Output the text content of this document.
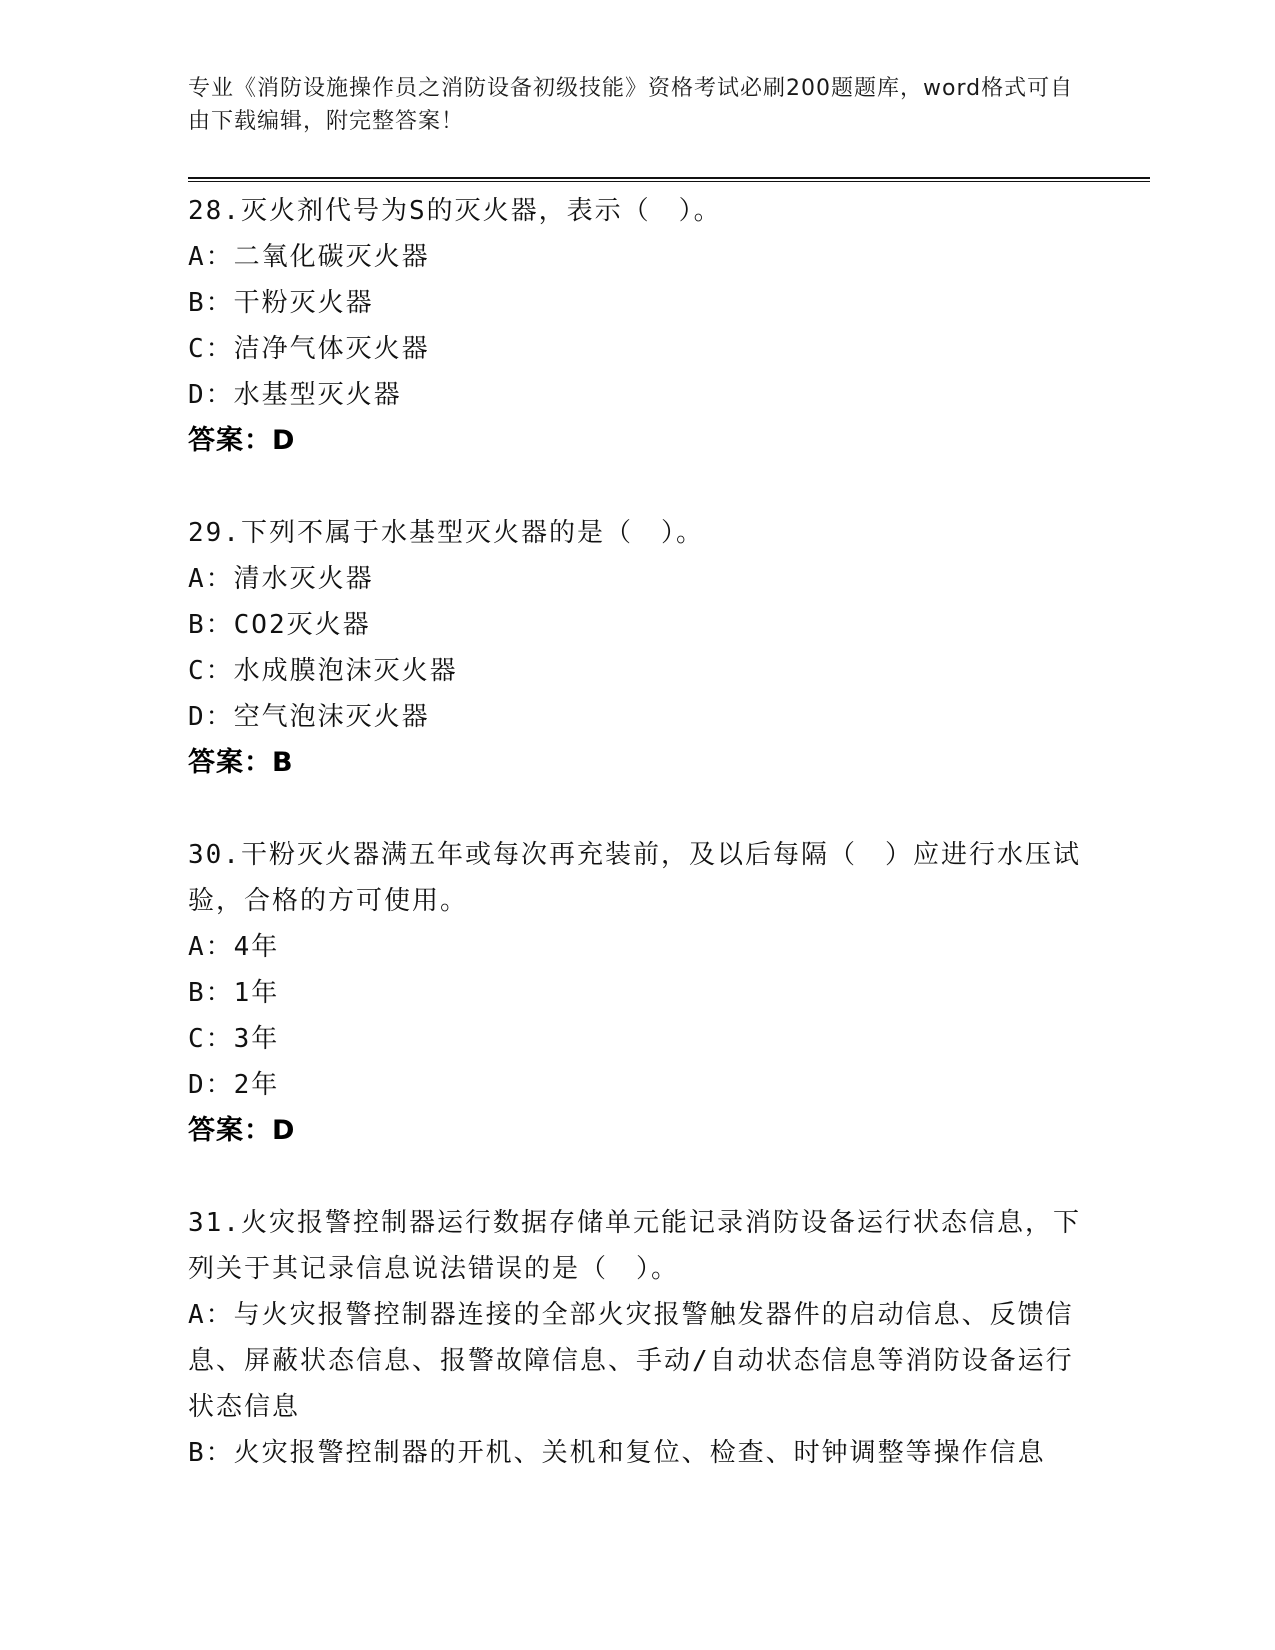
专业《消防设施操作员之消防设备初级技能》资格考试必刷200题题库，word格式可自由下载编辑，附完整答案！
28.灭火剂代号为S的灭火器，表示（　）。
A：二氧化碳灭火器
B：干粉灭火器
C：洁净气体灭火器
D：水基型灭火器
答案：D
29.下列不属于水基型灭火器的是（　）。
A：清水灭火器
B：CO2灭火器
C：水成膜泡沫灭火器
D：空气泡沫灭火器
答案：B
30.干粉灭火器满五年或每次再充装前，及以后每隔（　）应进行水压试验，合格的方可使用。
A：4年
B：1年
C：3年
D：2年
答案：D
31.火灾报警控制器运行数据存储单元能记录消防设备运行状态信息，下列关于其记录信息说法错误的是（　）。
A：与火灾报警控制器连接的全部火灾报警触发器件的启动信息、反馈信息、屏蔽状态信息、报警故障信息、手动/自动状态信息等消防设备运行状态信息
B：火灾报警控制器的开机、关机和复位、检查、时钟调整等操作信息
